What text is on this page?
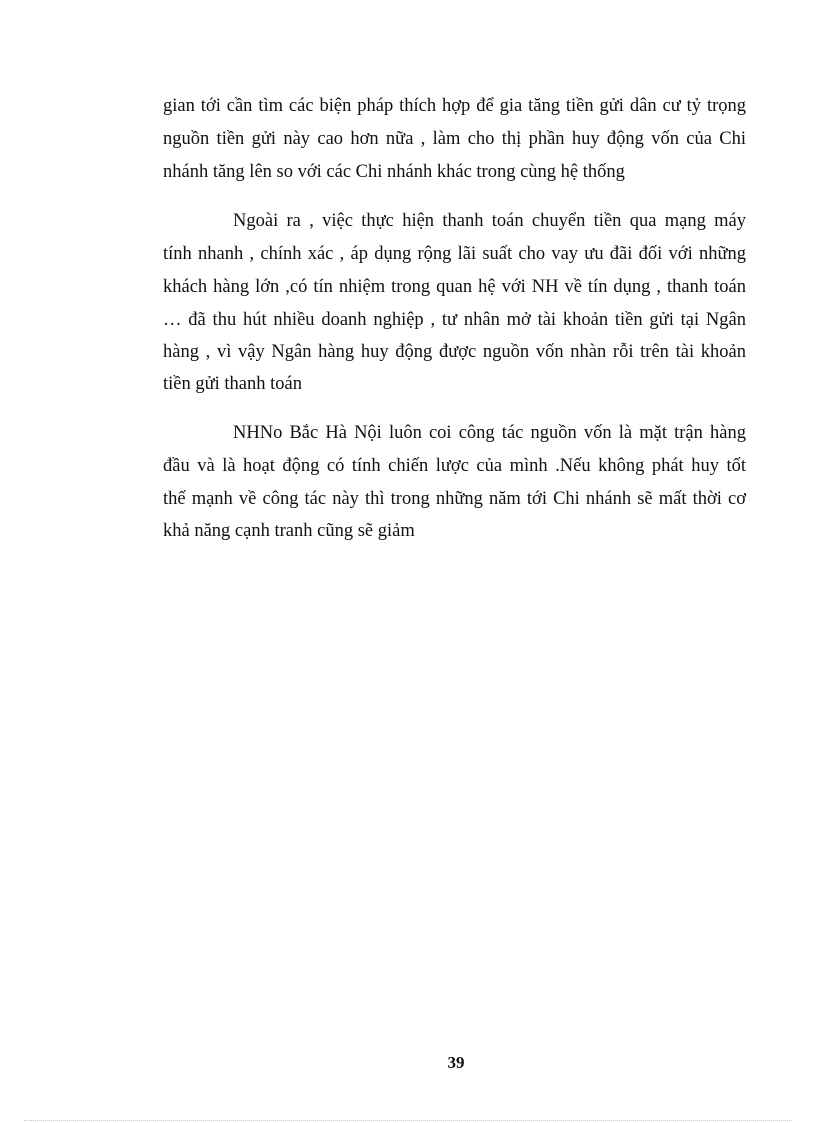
gian tới cần tìm các biện pháp thích hợp để gia tăng tiền gửi dân cư tỷ trọng
nguồn tiền gửi này cao hơn nữa , làm cho thị phần huy động vốn của Chi
nhánh tăng lên so với các Chi nhánh khác trong cùng hệ thống
Ngoài ra , việc thực hiện thanh toán chuyển tiền qua mạng máy
tính nhanh , chính xác , áp dụng rộng lãi suất cho vay ưu đãi đối với những
khách hàng lớn ,có tín nhiệm trong quan hệ với NH về tín dụng , thanh toán
… đã thu hút nhiều doanh nghiệp , tư nhân mở tài khoản tiền gửi tại Ngân
hàng , vì vậy Ngân hàng huy động được nguồn vốn nhàn rỗi trên tài khoản
tiền gửi thanh toán
NHNo Bắc Hà Nội luôn coi công tác nguồn vốn là mặt trận hàng
đầu và là hoạt động có tính chiến lược của mình .Nếu không phát huy tốt
thế mạnh về công tác này thì trong những năm tới Chi nhánh sẽ mất thời cơ
khả năng cạnh tranh cũng sẽ giảm
39
